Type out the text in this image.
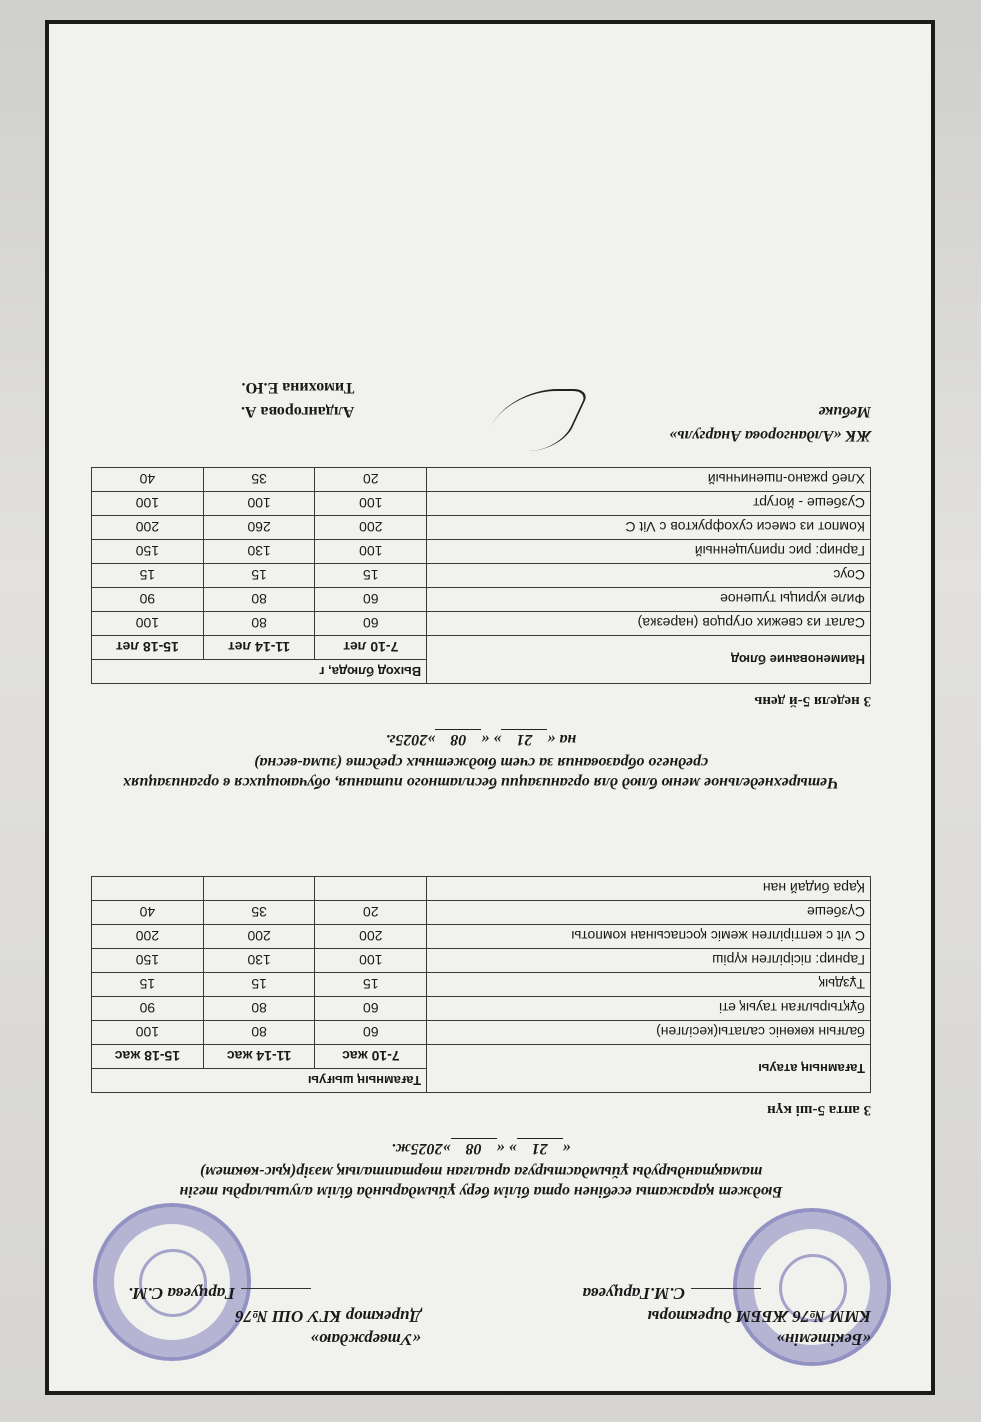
«Бекітемін»
КММ №76 ЖББМ директоры
С.М.Гарцуева
«Утверждаю»
Директор КГУ ОШ №76
Гарцуева С.М.
Бюджет қаражаты есебінен орта білім беру ұйымдарында білім алушыларды тегін тамақтандыруды ұйымдастыруға арналған төртапталық мәзір(қыс-көктем)
«21» «08»2025ж.
3 апта 5-ші күн
Тағамның атауы	Тағамның шығуы		
	7-10 жас	11-14 жас	15-18 жас
балғын көкөніс салаты(кесілген)	60	80	100
бұқтырылған тауық еті	60	80	90
Тұздық	15	15	15
Гарнир: пісірілген күріш	100	130	150
С vit с кептірілген жеміс қоспасынан компоты	200	200	200
Сүзбеше	20	35	40
Қара бидай нан			
Четырехнедельное меню блюд для организации бесплатного питания, обучающихся в организациях среднего образования за счет бюджетных средств (зима-весна)
на «21» «08»2025г.
3 неделя 5-й день
Наименование блюд	Выход блюда, г		
	7-10 лет	11-14 лет	15-18 лет
Салат из свежих огурцов (нарезка)	60	80	100
Филе курицы тушеное	60	80	90
Соус	15	15	15
Гарнир: рис припущенный	100	130	150
Компот из смеси сухофруктов с Vit С	200	260	200
Сузбеше - йогурт	100	100	100
Хлеб ржано-пшеничный	20	35	40
ЖК «Алдангорова Анаргуль»
Мебике
Алдангорова А.
Тимохина Е.Ю.
